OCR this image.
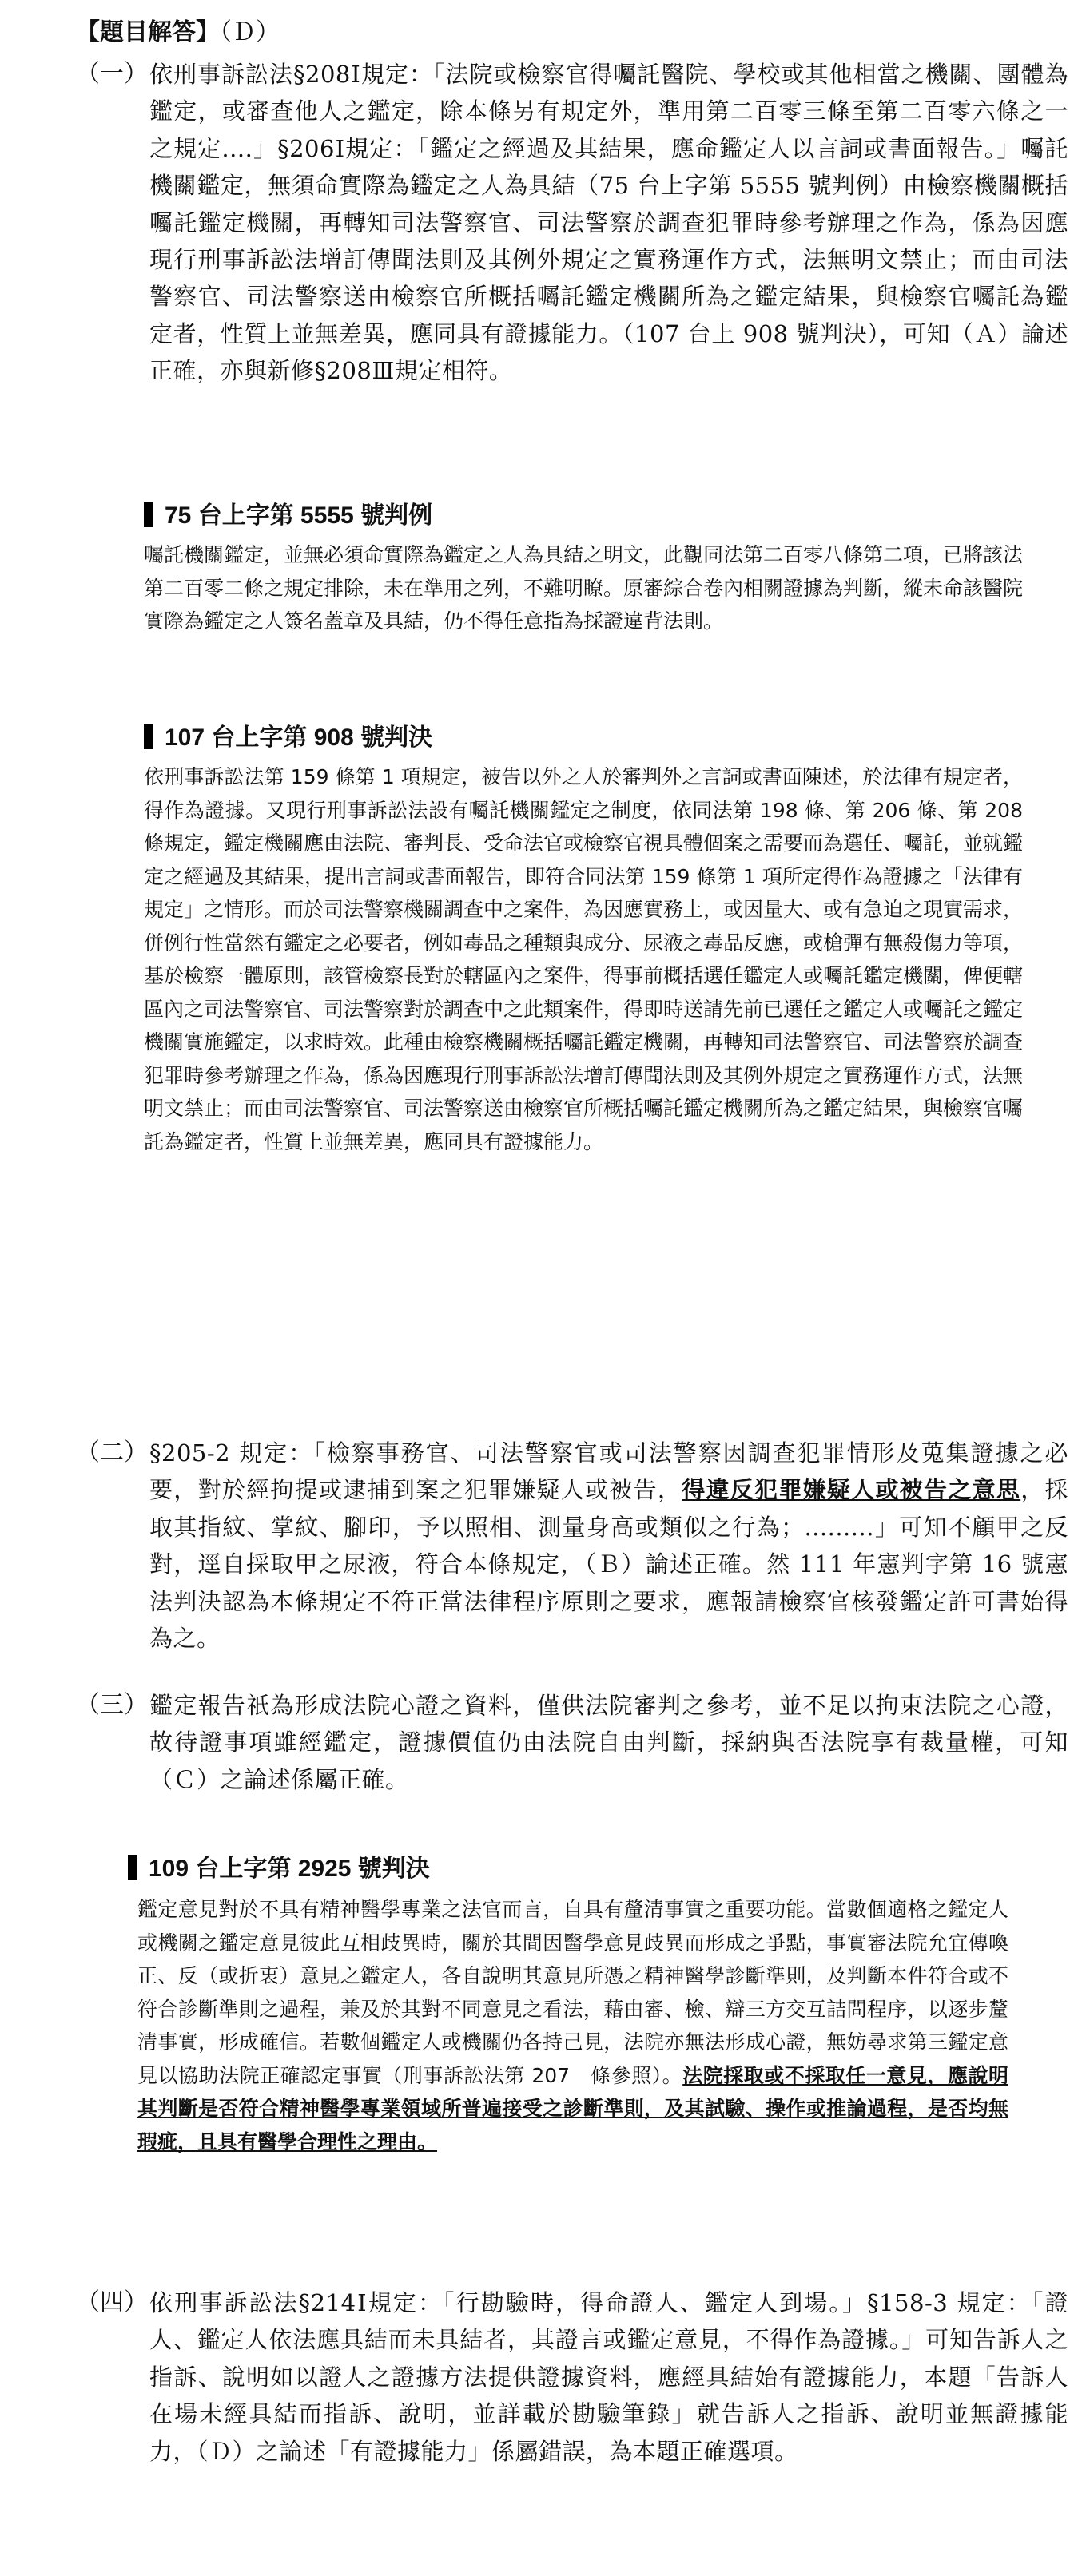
【題目解答】（Ｄ）
（一） 依刑事訴訟法§208Ⅰ規定：「法院或檢察官得囑託醫院、學校或其他相當之機關、團體為鑑定，或審查他人之鑑定，除本條另有規定外，準用第二百零三條至第二百零六條之一之規定....」§206Ⅰ規定：「鑑定之經過及其結果，應命鑑定人以言詞或書面報告。」囑託機關鑑定，無須命實際為鑑定之人為具結（75 台上字第 5555 號判例）由檢察機關概括囑託鑑定機關，再轉知司法警察官、司法警察於調查犯罪時參考辦理之作為，係為因應現行刑事訴訟法增訂傳聞法則及其例外規定之實務運作方式，法無明文禁止；而由司法警察官、司法警察送由檢察官所概括囑託鑑定機關所為之鑑定結果，與檢察官囑託為鑑定者，性質上並無差異，應同具有證據能力。（107 台上 908 號判決），可知（Ａ）論述正確，亦與新修§208Ⅲ規定相符。
75 台上字第 5555 號判例
囑託機關鑑定，並無必須命實際為鑑定之人為具結之明文，此觀同法第二百零八條第二項，已將該法第二百零二條之規定排除，未在準用之列，不難明瞭。原審綜合卷內相關證據為判斷，縱未命該醫院實際為鑑定之人簽名蓋章及具結，仍不得任意指為採證違背法則。
107 台上字第 908 號判決
依刑事訴訟法第 159 條第 1 項規定，被告以外之人於審判外之言詞或書面陳述，於法律有規定者，得作為證據。又現行刑事訴訟法設有囑託機關鑑定之制度，依同法第 198 條、第 206 條、第 208 條規定，鑑定機關應由法院、審判長、受命法官或檢察官視具體個案之需要而為選任、囑託，並就鑑定之經過及其結果，提出言詞或書面報告，即符合同法第 159 條第 1 項所定得作為證據之「法律有規定」之情形。而於司法警察機關調查中之案件，為因應實務上，或因量大、或有急迫之現實需求，併例行性當然有鑑定之必要者，例如毒品之種類與成分、尿液之毒品反應，或槍彈有無殺傷力等項，基於檢察一體原則，該管檢察長對於轄區內之案件，得事前概括選任鑑定人或囑託鑑定機關，俾便轄區內之司法警察官、司法警察對於調查中之此類案件，得即時送請先前已選任之鑑定人或囑託之鑑定機關實施鑑定，以求時效。此種由檢察機關概括囑託鑑定機關，再轉知司法警察官、司法警察於調查犯罪時參考辦理之作為，係為因應現行刑事訴訟法增訂傳聞法則及其例外規定之實務運作方式，法無明文禁止；而由司法警察官、司法警察送由檢察官所概括囑託鑑定機關所為之鑑定結果，與檢察官囑託為鑑定者，性質上並無差異，應同具有證據能力。
（二） §205-2 規定：「檢察事務官、司法警察官或司法警察因調查犯罪情形及蒐集證據之必要，對於經拘提或逮捕到案之犯罪嫌疑人或被告，得違反犯罪嫌疑人或被告之意思，採取其指紋、掌紋、腳印，予以照相、測量身高或類似之行為；.........」可知不顧甲之反對，逕自採取甲之尿液，符合本條規定，（Ｂ）論述正確。然 111 年憲判字第 16 號憲法判決認為本條規定不符正當法律程序原則之要求，應報請檢察官核發鑑定許可書始得為之。
（三） 鑑定報告祇為形成法院心證之資料，僅供法院審判之參考，並不足以拘束法院之心證，故待證事項雖經鑑定，證據價值仍由法院自由判斷，採納與否法院享有裁量權，可知（Ｃ）之論述係屬正確。
109 台上字第 2925 號判決
鑑定意見對於不具有精神醫學專業之法官而言，自具有釐清事實之重要功能。當數個適格之鑑定人或機關之鑑定意見彼此互相歧異時，關於其間因醫學意見歧異而形成之爭點，事實審法院允宜傳喚正、反（或折衷）意見之鑑定人，各自說明其意見所憑之精神醫學診斷準則，及判斷本件符合或不符合診斷準則之過程，兼及於其對不同意見之看法，藉由審、檢、辯三方交互詰問程序，以逐步釐清事實，形成確信。若數個鑑定人或機關仍各持己見，法院亦無法形成心證，無妨尋求第三鑑定意見以協助法院正確認定事實（刑事訴訟法第 207　條參照）。法院採取或不採取任一意見，應說明其判斷是否符合精神醫學專業領域所普遍接受之診斷準則，及其試驗、操作或推論過程，是否均無瑕疵，且具有醫學合理性之理由。
（四） 依刑事訴訟法§214Ⅰ規定：「行勘驗時，得命證人、鑑定人到場。」§158-3 規定：「證人、鑑定人依法應具結而未具結者，其證言或鑑定意見，不得作為證據。」可知告訴人之指訴、說明如以證人之證據方法提供證據資料，應經具結始有證據能力，本題「告訴人在場未經具結而指訴、說明，並詳載於勘驗筆錄」就告訴人之指訴、說明並無證據能力，（Ｄ）之論述「有證據能力」係屬錯誤，為本題正確選項。
